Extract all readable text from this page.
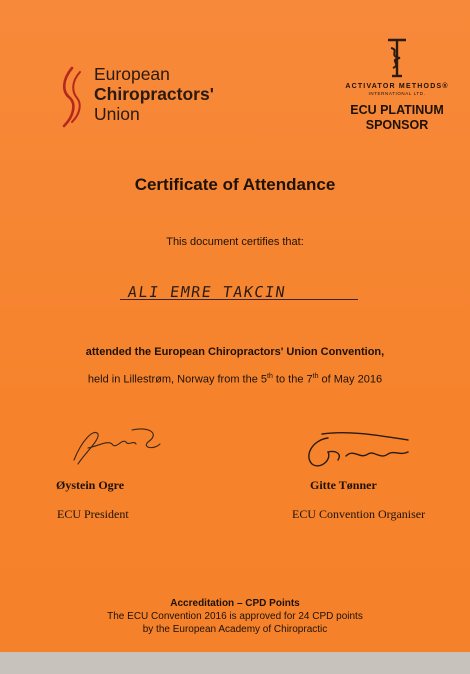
European
Chiropractors'
Union
ACTIVATOR METHODS®
INTERNATIONAL LTD.
ECU PLATINUM
SPONSOR
Certificate of Attendance
This document certifies that:
ALI EMRE TAKCIN
attended the European Chiropractors' Union Convention,
held in Lillestrøm, Norway from the 5th to the 7th of May 2016
Øystein Ogre
ECU President
Gitte Tønner
ECU Convention Organiser
Accreditation – CPD Points
The ECU Convention 2016 is approved for 24 CPD points
by the European Academy of Chiropractic
